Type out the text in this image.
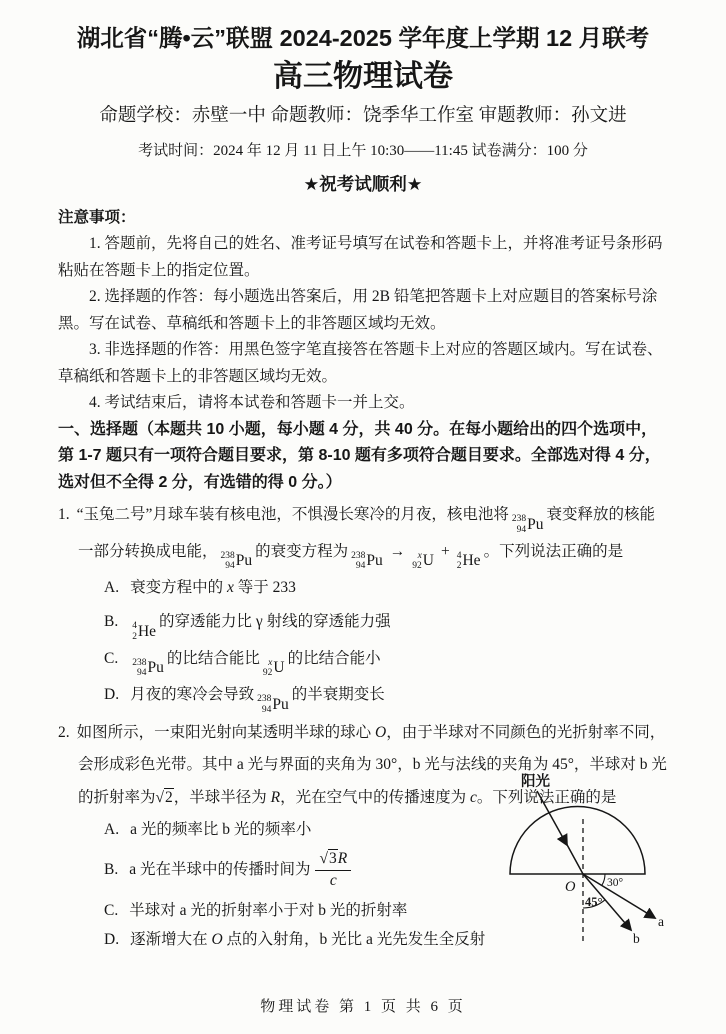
湖北省“腾•云”联盟 2024-2025 学年度上学期 12 月联考

高三物理试卷

命题学校：赤壁一中 命题教师：饶季华工作室 审题教师：孙文进

考试时间：2024 年 12 月 11 日上午 10:30——11:45 试卷满分：100 分

★祝考试顺利★

注意事项：

1. 答题前，先将自己的姓名、准考证号填写在试卷和答题卡上，并将准考证号条形码粘贴在答题卡上的指定位置。

2. 选择题的作答：每小题选出答案后，用 2B 铅笔把答题卡上对应题目的答案标号涂黑。写在试卷、草稿纸和答题卡上的非答题区域均无效。

3. 非选择题的作答：用黑色签字笔直接答在答题卡上对应的答题区域内。写在试卷、草稿纸和答题卡上的非答题区域均无效。

4. 考试结束后，请将本试卷和答题卡一并上交。

一、选择题（本题共 10 小题，每小题 4 分，共 40 分。在每小题给出的四个选项中，第 1-7 题只有一项符合题目要求，第 8-10 题有多项符合题目要求。全部选对得 4 分，选对但不全得 2 分，有选错的得 0 分。）

1. “玉兔二号”月球车装有核电池，不惧漫长寒冷的月夜，核电池将 238
94 Pu
衰变释放的核能一部分转换成电能， 238
94 Pu
的衰变方程为 238
94 Pu
→ x
92 U
+ 4
2 He
。下列说法正确的是

A. 衰变方程中的 x 等于 233

B. 4
2 He
的穿透能力比 γ 射线的穿透能力强

C. 238
94 Pu
的比结合能比 x
92 U
的比结合能小

D. 月夜的寒冷会导致 238
94 Pu
的半衰期变长

2. 如图所示，一束阳光射向某透明半球的球心 O，由于半球对不同颜色的光折射率不同，会形成彩色光带。其中 a 光与界面的夹角为 30°，b 光与法线的夹角为 45°，半球对 b 光的折射率为 √ 2 ，半球半径为 R，光在空气中的传播速度为 c。下列说法正确的是

A. a 光的频率比 b 光的频率小

B. a 光在半球中的传播时间为 $\frac{√ 3 R}{c}$

C. 半球对 a 光的折射率小于对 b 光的折射率

D. 逐渐增大在 O 点的入射角，b 光比 a 光先发生全反射

阳光
O	30°
45°
a
b
物理试卷 第 1 页 共 6 页
